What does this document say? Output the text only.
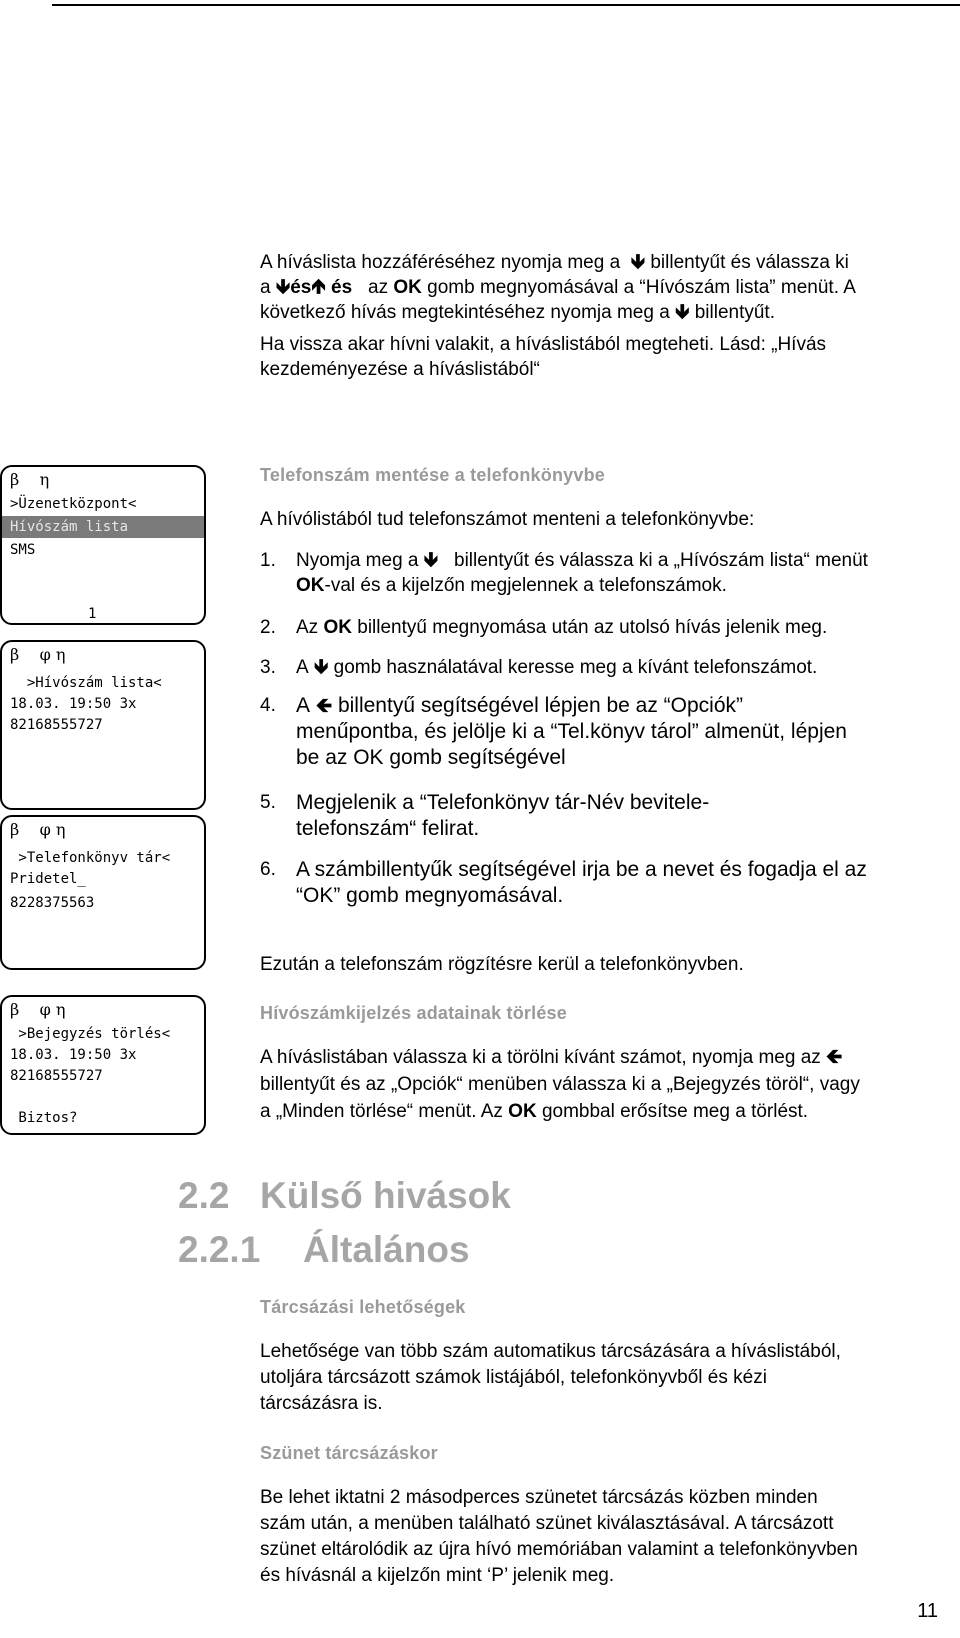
A híváslista hozzáféréséhez nyomja meg a 🡻 billentyűt és válassza ki

a 🡻és🡹 és az OK gomb megnyomásával a “Hívószám lista” menüt. A

következő hívás megtekintéséhez nyomja meg a 🡻 billentyűt.

Ha vissza akar hívni valakit, a híváslistából megteheti. Lásd: „Hívás

kezdeményezése a híváslistából“

β    η
>Üzenetközpont<
Hívószám lista
SMS
1
β    φ η
>Hívószám lista<
18.03. 19:50 3x
82168555727
β    φ η
>Telefonkönyv tár<
Pridetel_
8228375563
β    φ η
>Bejegyzés törlés<
18.03. 19:50 3x
82168555727
Biztos?

Telefonszám mentése a telefonkönyvbe

A hívólistából tud telefonszámot menteni a telefonkönyvbe:

1. Nyomja meg a 🡻 billentyűt és válassza ki a „Hívószám lista“ menüt
OK-val és a kijelzőn megjelennek a telefonszámok.
2. Az OK billentyű megnyomása után az utolsó hívás jelenik meg.
3. A 🡻 gomb használatával keresse meg a kívánt telefonszámot.
4. A 🡸 billentyű segítségével lépjen be az “Opciók”
menűpontba, és jelölje ki a “Tel.könyv tárol” almenüt, lépjen
be az OK gomb segítségével
5. Megjelenik a “Telefonkönyv tár-Név bevitele-
telefonszám“ felirat.
6. A számbillentyűk segítségével irja be a nevet és fogadja el az
“OK” gomb megnyomásával.

Ezután a telefonszám rögzítésre kerül a telefonkönyvben.

Hívószámkijelzés adatainak törlése

A híváslistában válassza ki a törölni kívánt számot, nyomja meg az 🡸

billentyűt és az „Opciók“ menüben válassza ki a „Bejegyzés töröl“, vagy

a „Minden törlése“ menüt. Az OK gombbal erősítse meg a törlést.

2.2 Külső hivások
2.2.1 Általános

Tárcsázási lehetőségek

Lehetősége van több szám automatikus tárcsázására a híváslistából,

utoljára tárcsázott számok listájából, telefonkönyvből és kézi

tárcsázásra is.

Szünet tárcsázáskor

Be lehet iktatni 2 másodperces szünetet tárcsázás közben minden

szám után, a menüben található szünet kiválasztásával. A tárcsázott

szünet eltárolódik az újra hívó memóriában valamint a telefonkönyvben

és hívásnál a kijelzőn mint ‘P’ jelenik meg.

11
